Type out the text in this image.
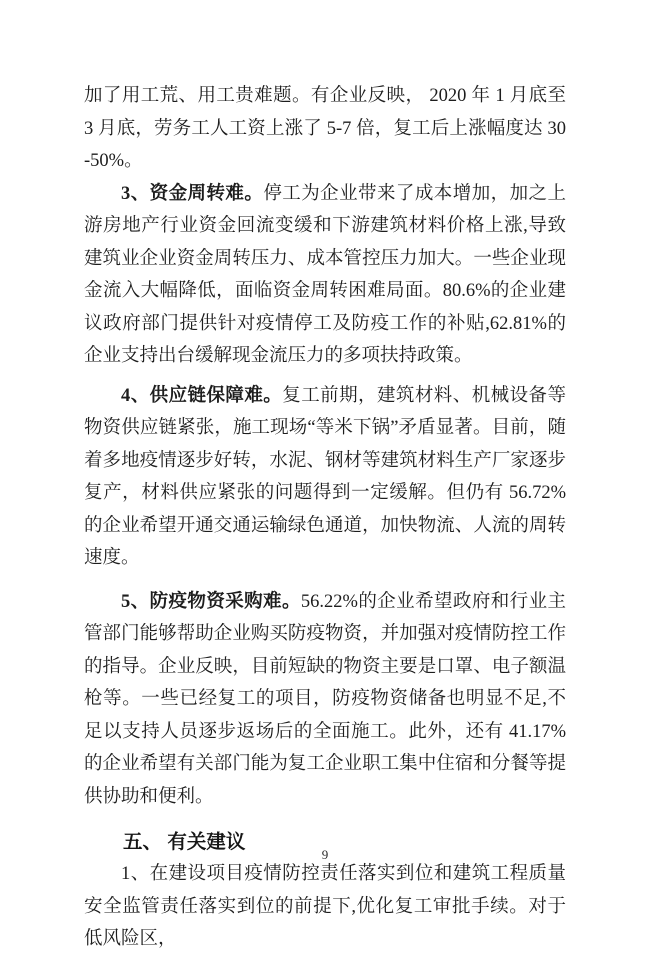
加了用工荒、用工贵难题。有企业反映， 2020 年 1 月底至 3 月底，劳务工人工资上涨了 5-7 倍，复工后上涨幅度达 30-50%。

3、资金周转难。停工为企业带来了成本增加，加之上游房地产行业资金回流变缓和下游建筑材料价格上涨,导致建筑业企业资金周转压力、成本管控压力加大。一些企业现金流入大幅降低，面临资金周转困难局面。80.6%的企业建议政府部门提供针对疫情停工及防疫工作的补贴,62.81%的企业支持出台缓解现金流压力的多项扶持政策。

4、供应链保障难。复工前期，建筑材料、机械设备等物资供应链紧张，施工现场“等米下锅”矛盾显著。目前，随着多地疫情逐步好转，水泥、钢材等建筑材料生产厂家逐步复产，材料供应紧张的问题得到一定缓解。但仍有 56.72%的企业希望开通交通运输绿色通道，加快物流、人流的周转速度。

5、防疫物资采购难。56.22%的企业希望政府和行业主管部门能够帮助企业购买防疫物资，并加强对疫情防控工作的指导。企业反映，目前短缺的物资主要是口罩、电子额温枪等。一些已经复工的项目，防疫物资储备也明显不足,不足以支持人员逐步返场后的全面施工。此外，还有 41.17%的企业希望有关部门能为复工企业职工集中住宿和分餐等提供协助和便利。

五、 有关建议

1、在建设项目疫情防控责任落实到位和建筑工程质量安全监管责任落实到位的前提下,优化复工审批手续。对于低风险区，

9
